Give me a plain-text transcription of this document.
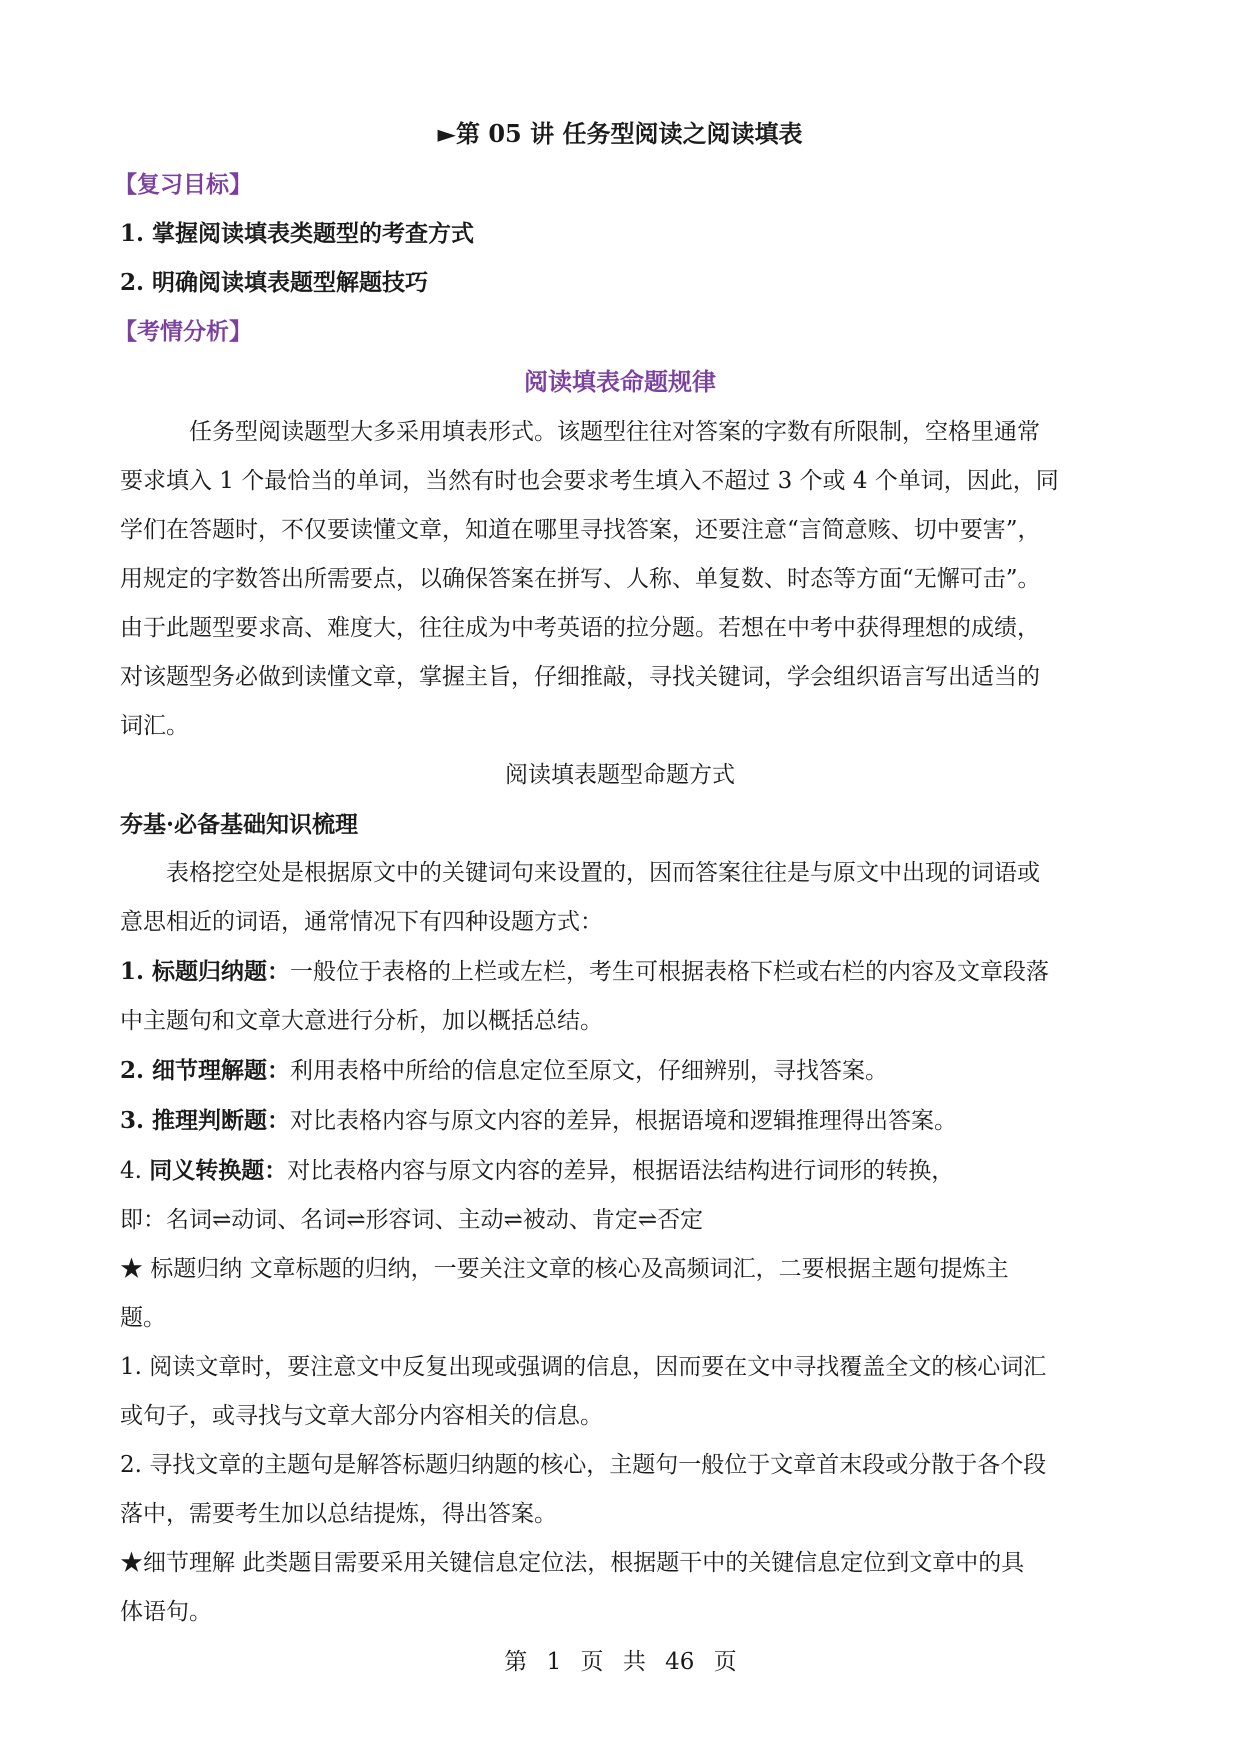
►第 05 讲 任务型阅读之阅读填表
【复习目标】
1. 掌握阅读填表类题型的考查方式
2. 明确阅读填表题型解题技巧
【考情分析】
阅读填表命题规律
任务型阅读题型大多采用填表形式。该题型往往对答案的字数有所限制，空格里通常
要求填入 1 个最恰当的单词，当然有时也会要求考生填入不超过 3 个或 4 个单词，因此，同
学们在答题时，不仅要读懂文章，知道在哪里寻找答案，还要注意“言简意赅、切中要害”，
用规定的字数答出所需要点，以确保答案在拼写、人称、单复数、时态等方面“无懈可击”。
由于此题型要求高、难度大，往往成为中考英语的拉分题。若想在中考中获得理想的成绩，
对该题型务必做到读懂文章，掌握主旨，仔细推敲，寻找关键词，学会组织语言写出适当的
词汇。
阅读填表题型命题方式
夯基·必备基础知识梳理
表格挖空处是根据原文中的关键词句来设置的，因而答案往往是与原文中出现的词语或
意思相近的词语，通常情况下有四种设题方式：
1. 标题归纳题：一般位于表格的上栏或左栏，考生可根据表格下栏或右栏的内容及文章段落
中主题句和文章大意进行分析，加以概括总结。
2. 细节理解题：利用表格中所给的信息定位至原文，仔细辨别，寻找答案。
3. 推理判断题：对比表格内容与原文内容的差异，根据语境和逻辑推理得出答案。
4. 同义转换题：对比表格内容与原文内容的差异，根据语法结构进行词形的转换，
即：名词⇌动词、名词⇌形容词、主动⇌被动、肯定⇌否定
★ 标题归纳 文章标题的归纳，一要关注文章的核心及高频词汇，二要根据主题句提炼主
题。
1. 阅读文章时，要注意文中反复出现或强调的信息，因而要在文中寻找覆盖全文的核心词汇
或句子，或寻找与文章大部分内容相关的信息。
2. 寻找文章的主题句是解答标题归纳题的核心，主题句一般位于文章首末段或分散于各个段
落中，需要考生加以总结提炼，得出答案。
★细节理解 此类题目需要采用关键信息定位法，根据题干中的关键信息定位到文章中的具
体语句。
第 1 页 共 46 页
